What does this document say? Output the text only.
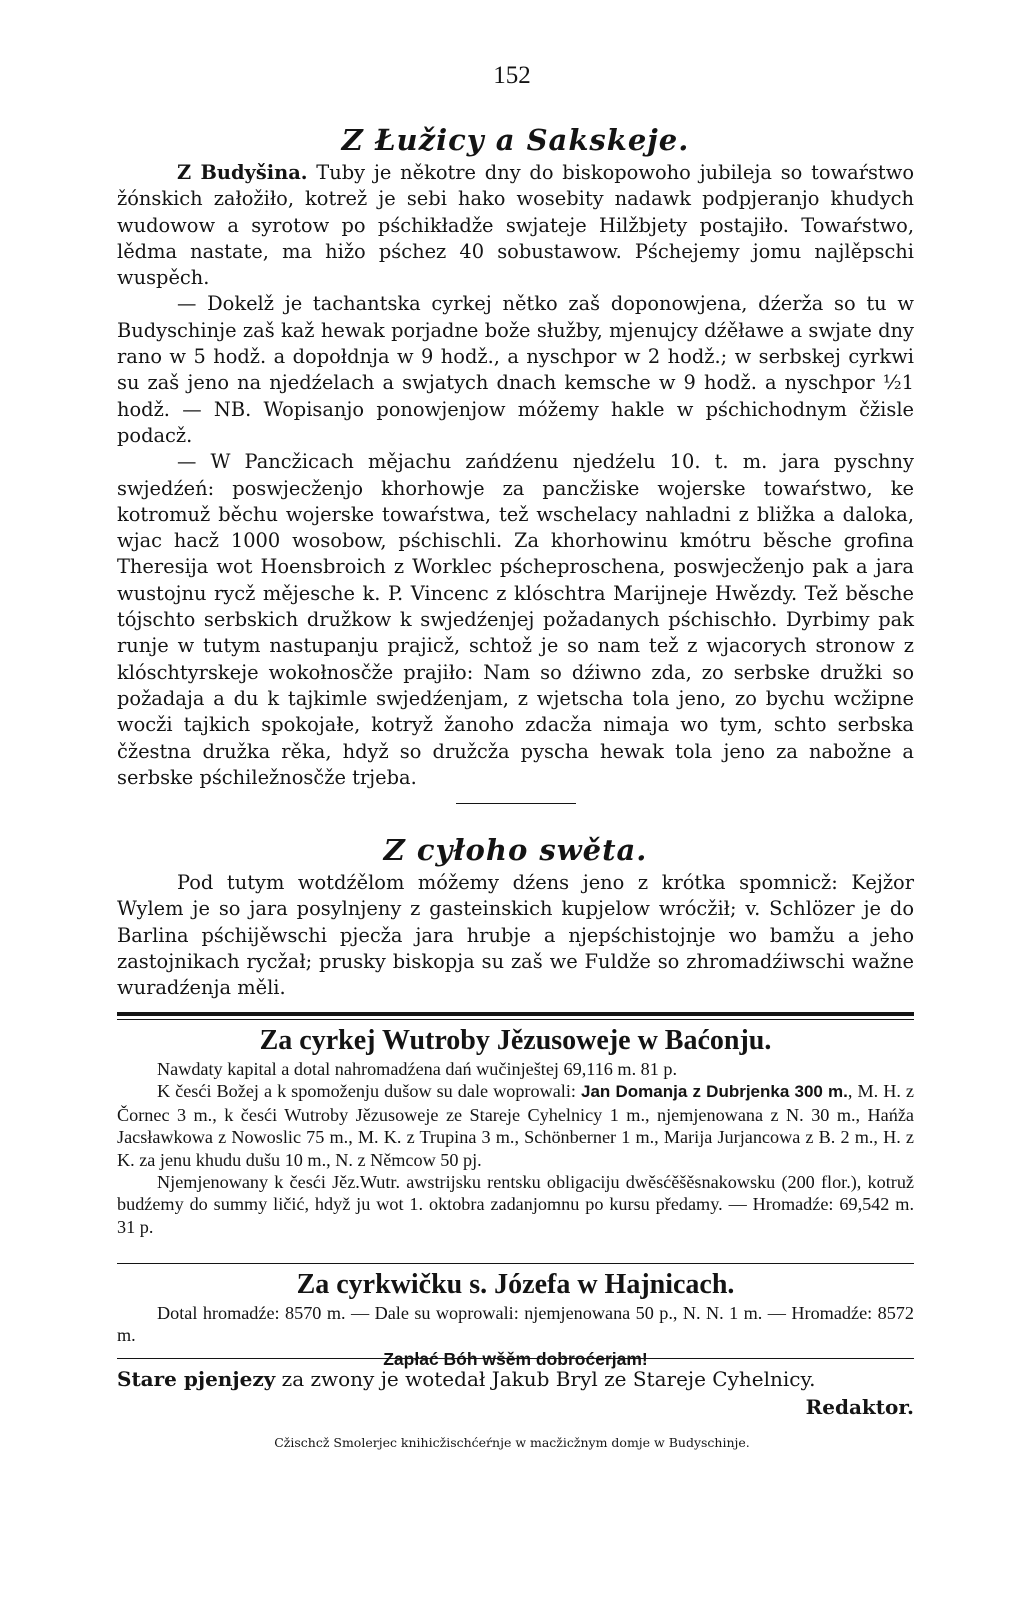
152
Z Łužicy a Sakskeje.

Z Budyšina. Tuby je někotre dny do biskopowoho jubileja so towaŕstwo žónskich załožiło, kotrež je sebi hako wosebity nadawk podpjeranjo khudych wudowow a syrotow po pśchikładže swjateje Hilžbjety postajiło. Towaŕstwo, lědma nastate, ma hižo pśchez 40 sobustawow. Pśchejemy jomu najlěpschi wuspěch.

— Dokelž je tachantska cyrkej nětko zaš doponowjena, dźerža so tu w Budyschinje zaš kaž hewak porjadne bože słužby, mjenujcy dźěławe a swjate dny rano w 5 hodž. a dopołdnja w 9 hodž., a nyschpor w 2 hodž.; w serbskej cyrkwi su zaš jeno na njedźelach a swjatych dnach kemsche w 9 hodž. a nyschpor ½1 hodž. — NB. Wopisanjo ponowjenjow móžemy hakle w pśchichodnym čžisle podacž.

— W Pancžicach mějachu zańdźenu njedźelu 10. t. m. jara pyschny swjedźeń: poswjecženjo khorhowje za pancžiske wojerske towaŕstwo, ke kotromuž běchu wojerske towaŕstwa, tež wschelacy nahladni z bližka a daloka, wjac hacž 1000 wosobow, pśchischli. Za khorhowinu kmótru běsche grofina Theresija wot Hoensbroich z Worklec pścheproschena, poswjecženjo pak a jara wustojnu rycž mějesche k. P. Vincenc z klóschtra Marijneje Hwězdy. Tež běsche tójschto serbskich družkow k swjedźenjej požadanych pśchischło. Dyrbimy pak runje w tutym nastupanju prajicž, schtož je so nam tež z wjacorych stronow z klóschtyrskeje wokołnosčže prajiło: Nam so dźiwno zda, zo serbske družki so požadaja a du k tajkimle swjedźenjam, z wjetscha tola jeno, zo bychu wcžipne wocži tajkich spokojałe, kotryž žanoho zdacža nimaja wo tym, schto serbska čžestna družka rěka, hdyž so družcža pyscha hewak tola jeno za nabožne a serbske pśchiležnosčže trjeba.

Z cyłoho swěta.

Pod tutym wotdźělom móžemy dźens jeno z krótka spomnicž: Kejžor Wylem je so jara posylnjeny z gasteinskich kupjelow wrócžił; v. Schlözer je do Barlina pśchijěwschi pjecža jara hrubje a njepśchistojnje wo bamžu a jeho zastojnikach rycžał; prusky biskopja su zaš we Fuldže so zhromadźiwschi wažne wuradźenja měli.

Za cyrkej Wutroby Jězusoweje w Baćonju.

Nawdaty kapital a dotal nahromadźena dań wučinještej 69,116 m. 81 p.

K česći Božej a k spomoženju dušow su dale woprowali: Jan Domanja z Dubrjenka 300 m., M. H. z Čornec 3 m., k česći Wutroby Jězusoweje ze Stareje Cyhelnicy 1 m., njemjenowana z N. 30 m., Hańža Jacsławkowa z Nowoslic 75 m., M. K. z Trupina 3 m., Schönberner 1 m., Marija Jurjancowa z B. 2 m., H. z K. za jenu khudu dušu 10 m., N. z Němcow 50 pj.

Njemjenowany k česći Jěz.Wutr. awstrijsku rentsku obligaciju dwěsćěšěsnakowsku (200 flor.), kotruž budźemy do summy ličić, hdyž ju wot 1. oktobra zadanjomnu po kursu předamy. — Hromadźe: 69,542 m. 31 p.

Za cyrkwičku s. Józefa w Hajnicach.

Dotal hromadźe: 8570 m. — Dale su woprowali: njemjenowana 50 p., N. N. 1 m. — Hromadźe: 8572 m.

Zapłać Bóh wšěm dobroćerjam!

Stare pjenjezy za zwony je wotedał Jakub Bryl ze Stareje Cyhelnicy.
Redaktor.

Cžischcž Smolerjec knihicžischćeŕnje w macžicžnym domje w Budyschinje.
